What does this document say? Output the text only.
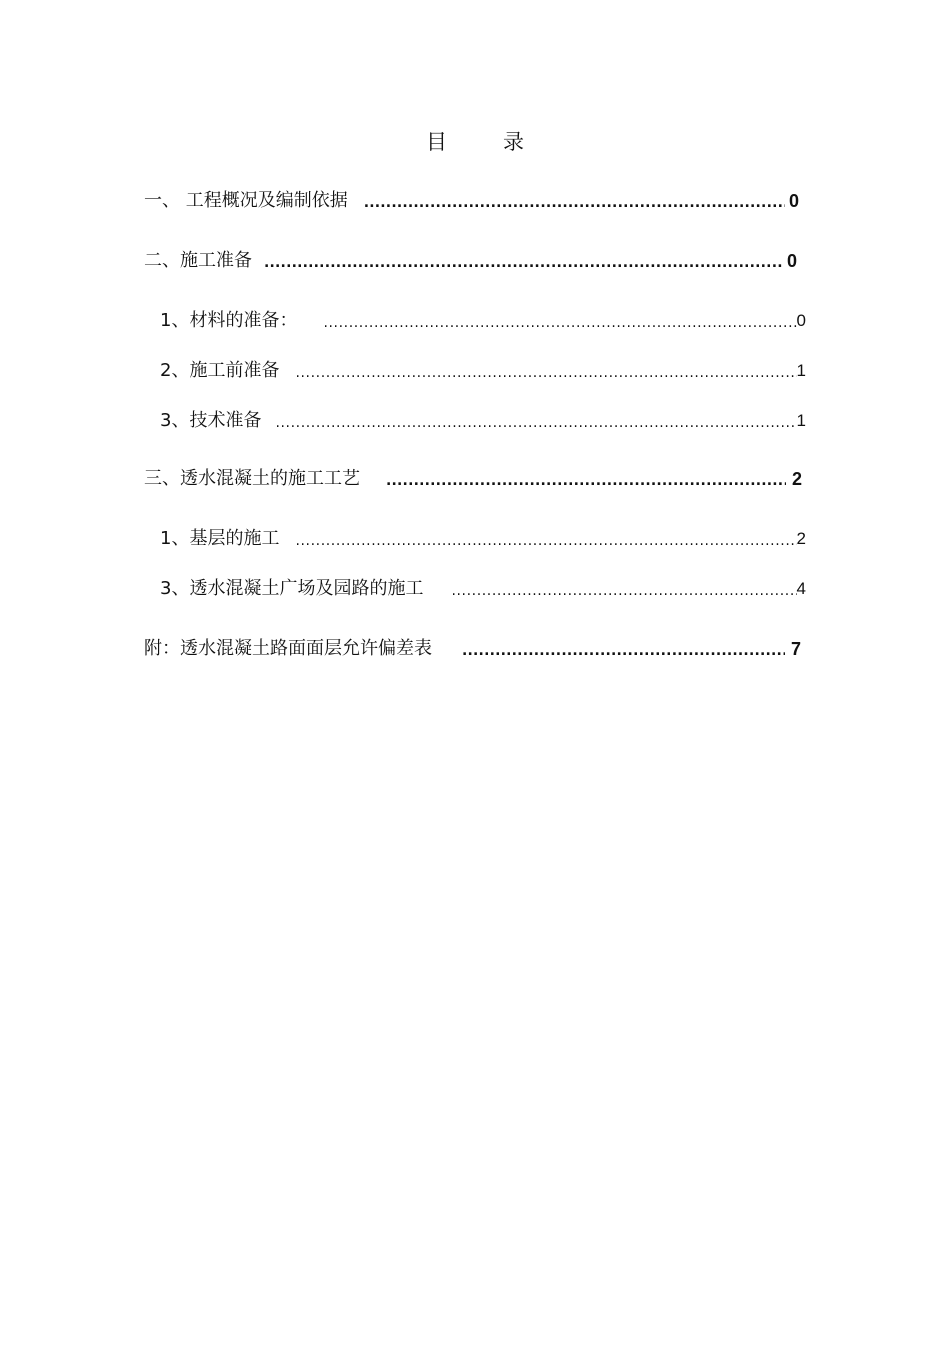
目	录
一、 工程概况及编制依据 .....	0
二、施工准备 .....	0
1、材料的准备： .....	0
2、施工前准备 .....	1
3、技术准备 .....	1
三、透水混凝土的施工工艺 .....	2
1、基层的施工 .....	2
3、透水混凝土广场及园路的施工 .....	4
附：透水混凝土路面面层允许偏差表 .....	7
